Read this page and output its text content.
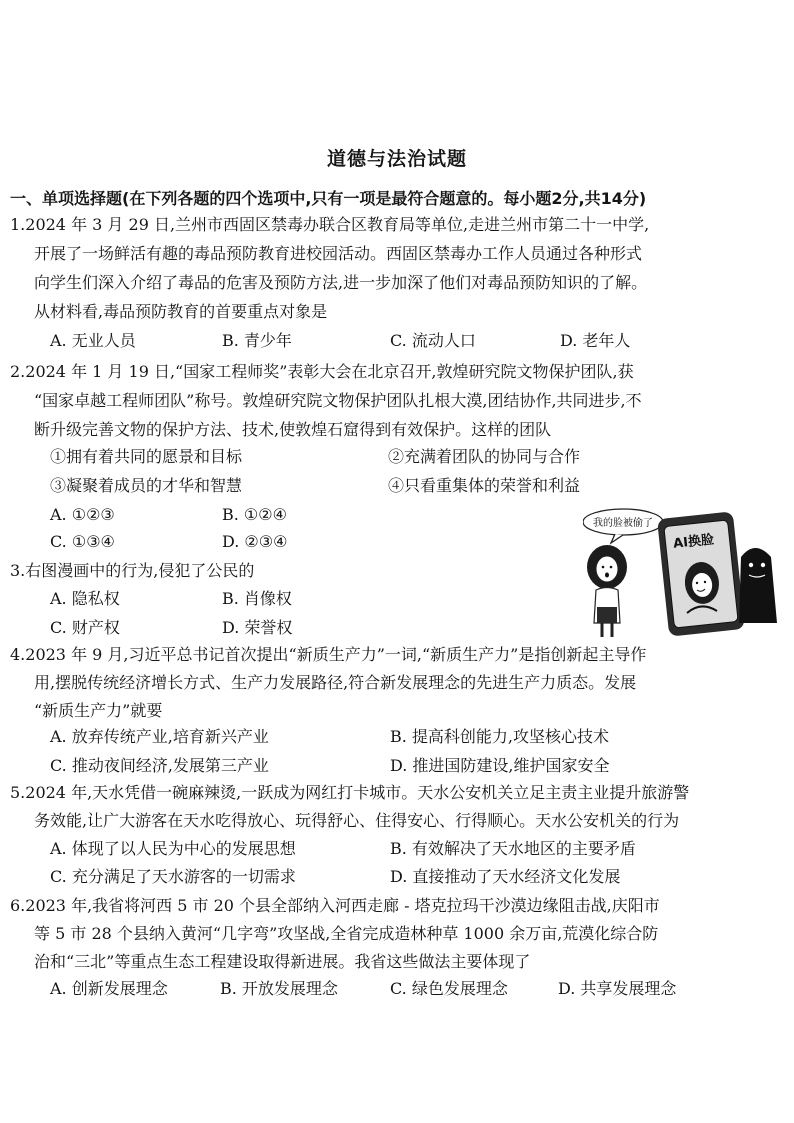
道德与法治试题
一、单项选择题(在下列各题的四个选项中,只有一项是最符合题意的。每小题2分,共14分)
1.2024 年 3 月 29 日,兰州市西固区禁毒办联合区教育局等单位,走进兰州市第二十一中学,
开展了一场鲜活有趣的毒品预防教育进校园活动。西固区禁毒办工作人员通过各种形式
向学生们深入介绍了毒品的危害及预防方法,进一步加深了他们对毒品预防知识的了解。
从材料看,毒品预防教育的首要重点对象是
A. 无业人员	B. 青少年	C. 流动人口	D. 老年人
2.2024 年 1 月 19 日,“国家工程师奖”表彰大会在北京召开,敦煌研究院文物保护团队,获
“国家卓越工程师团队”称号。敦煌研究院文物保护团队扎根大漠,团结协作,共同进步,不
断升级完善文物的保护方法、技术,使敦煌石窟得到有效保护。这样的团队
①拥有着共同的愿景和目标	②充满着团队的协同与合作
③凝聚着成员的才华和智慧	④只看重集体的荣誉和利益
A. ①②③	B. ①②④
C. ①③④	D. ②③④
3.右图漫画中的行为,侵犯了公民的
A. 隐私权	B. 肖像权
C. 财产权	D. 荣誉权
我的脸被偷了
AI换脸
4.2023 年 9 月,习近平总书记首次提出“新质生产力”一词,“新质生产力”是指创新起主导作
用,摆脱传统经济增长方式、生产力发展路径,符合新发展理念的先进生产力质态。发展
“新质生产力”就要
A. 放弃传统产业,培育新兴产业	B. 提高科创能力,攻坚核心技术
C. 推动夜间经济,发展第三产业	D. 推进国防建设,维护国家安全
5.2024 年,天水凭借一碗麻辣烫,一跃成为网红打卡城市。天水公安机关立足主责主业提升旅游警
务效能,让广大游客在天水吃得放心、玩得舒心、住得安心、行得顺心。天水公安机关的行为
A. 体现了以人民为中心的发展思想	B. 有效解决了天水地区的主要矛盾
C. 充分满足了天水游客的一切需求	D. 直接推动了天水经济文化发展
6.2023 年,我省将河西 5 市 20 个县全部纳入河西走廊 - 塔克拉玛干沙漠边缘阻击战,庆阳市
等 5 市 28 个县纳入黄河“几字弯”攻坚战,全省完成造林种草 1000 余万亩,荒漠化综合防
治和“三北”等重点生态工程建设取得新进展。我省这些做法主要体现了
A. 创新发展理念	B. 开放发展理念	C. 绿色发展理念	D. 共享发展理念
